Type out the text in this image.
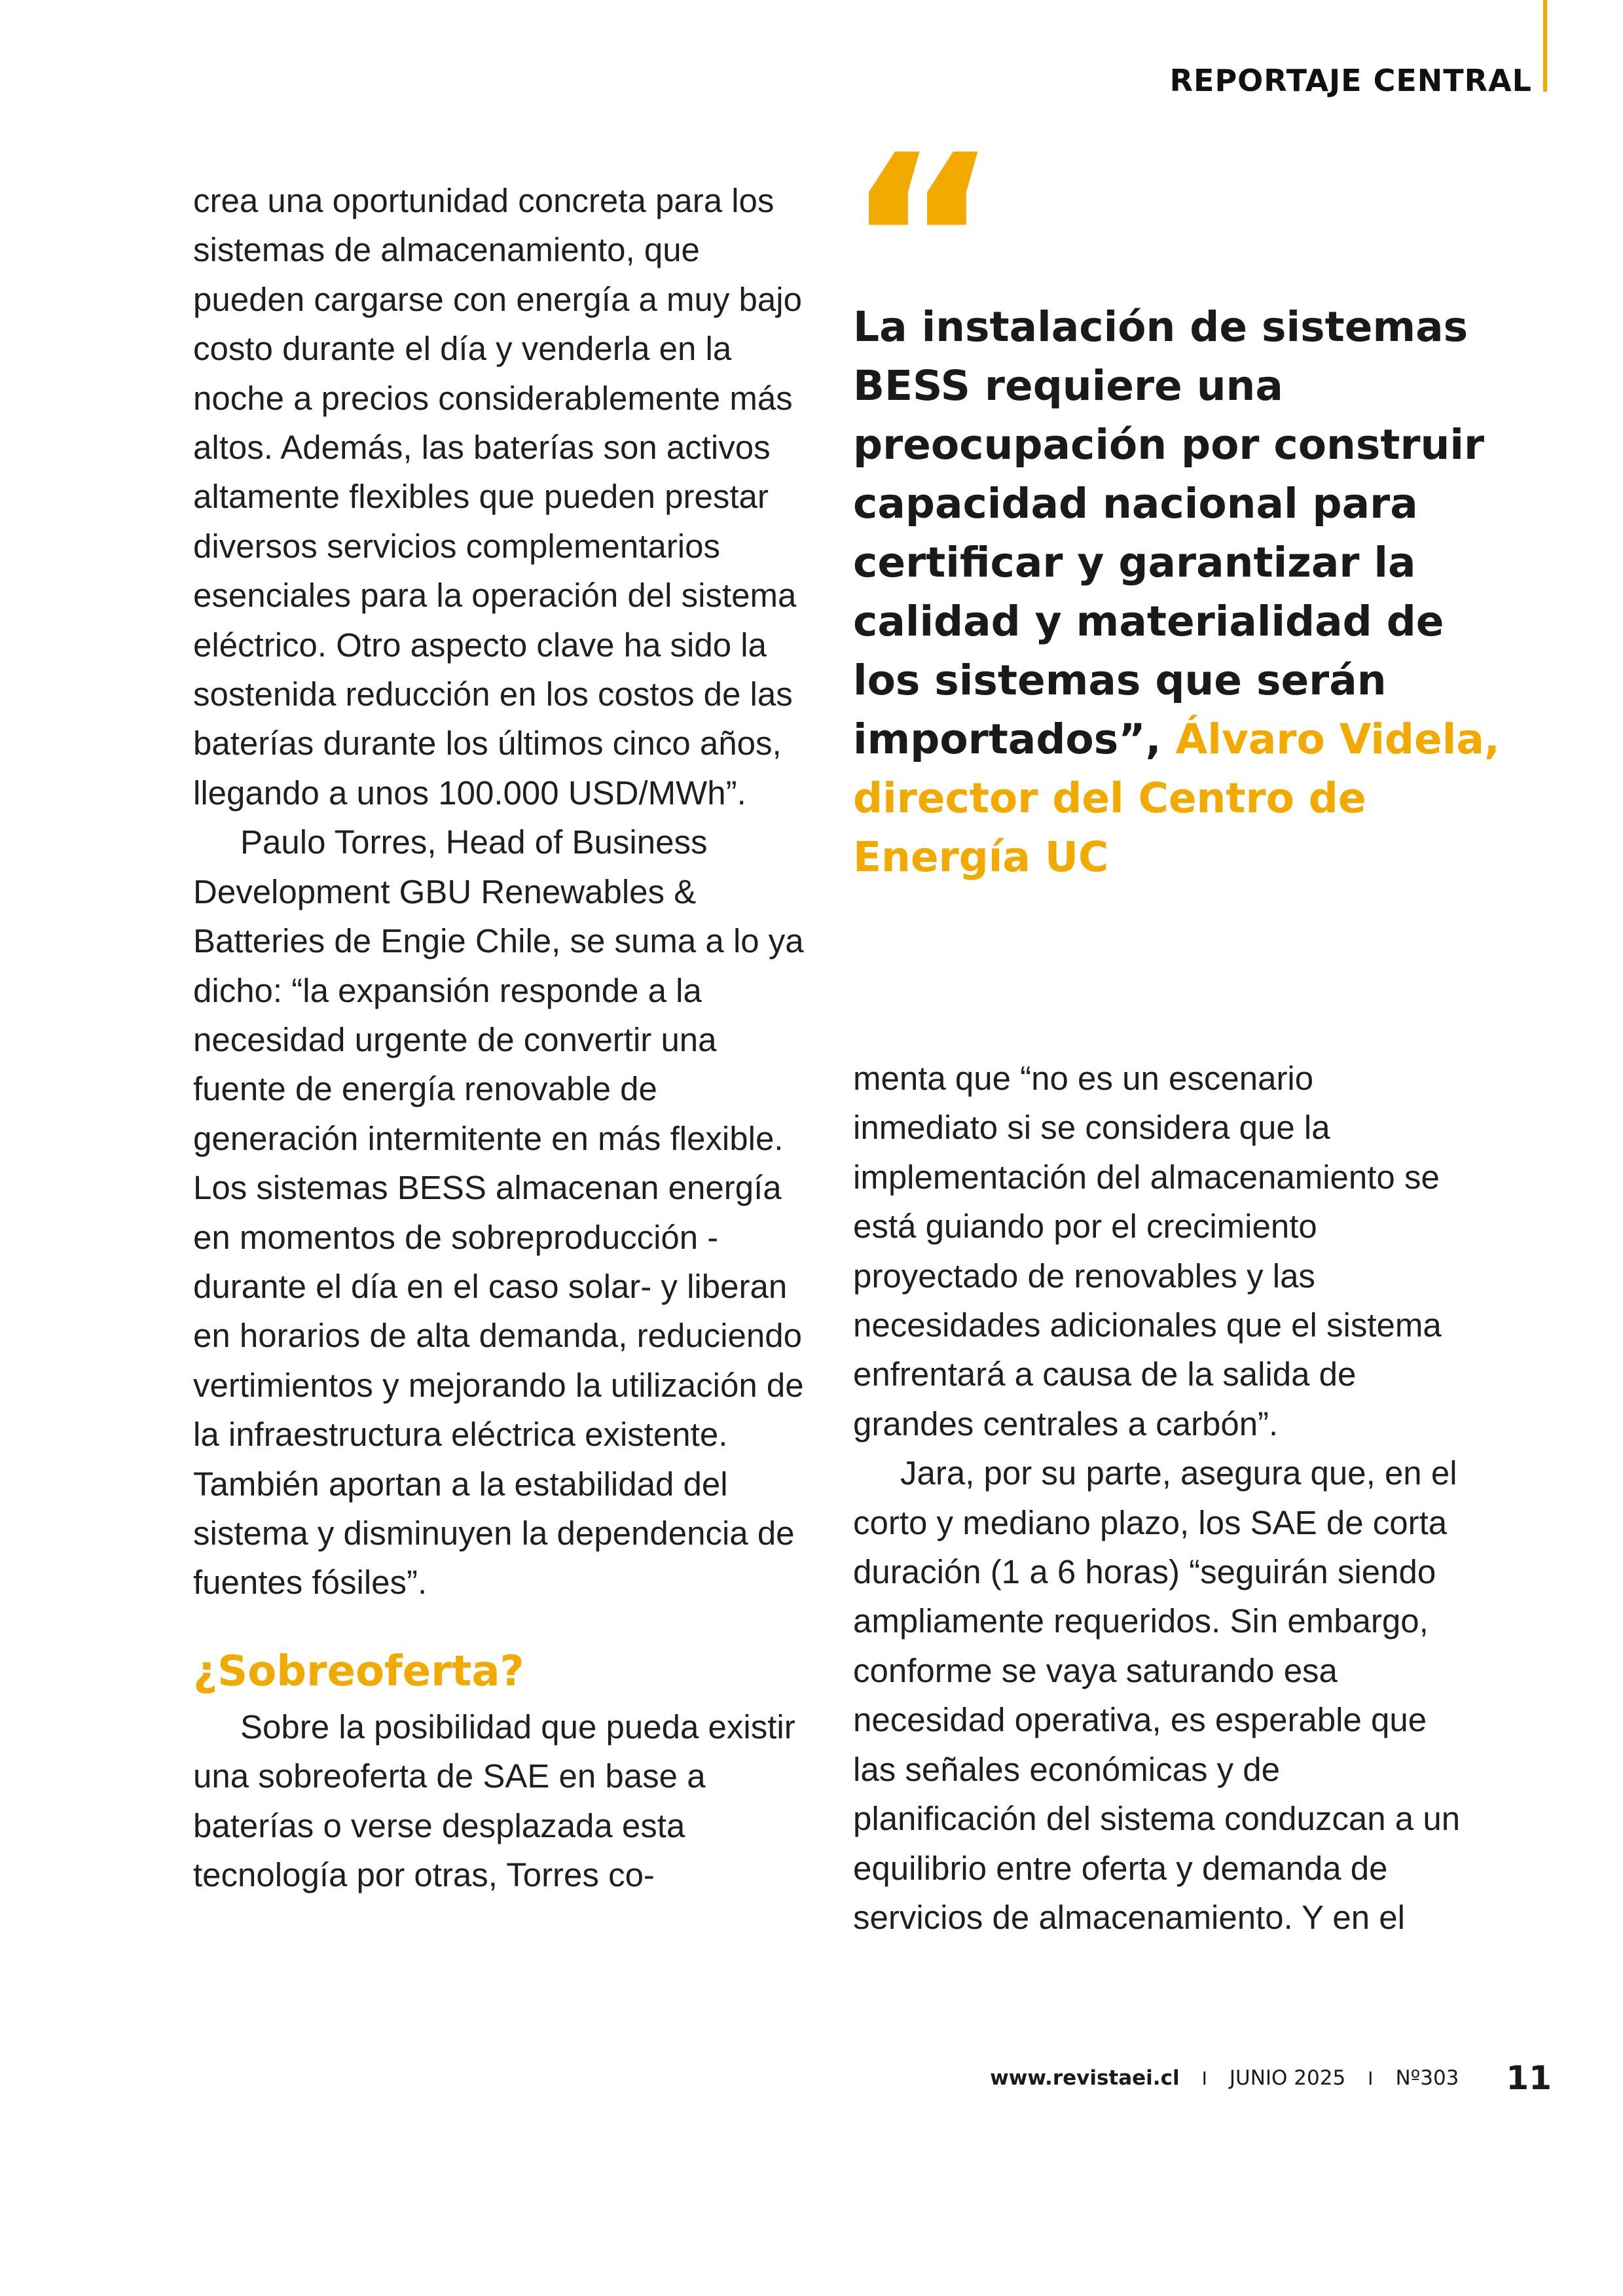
REPORTAJE CENTRAL

crea una oportunidad concreta para los sistemas de almacenamiento, que pueden cargarse con energía a muy bajo costo durante el día y venderla en la noche a precios considerablemente más altos. Además, las baterías son activos altamente flexibles que pueden prestar diversos servicios complementarios esenciales para la operación del sistema eléctrico. Otro aspecto clave ha sido la sostenida reducción en los costos de las baterías durante los últimos cinco años, llegando a unos 100.000 USD/MWh”.

Paulo Torres, Head of Business Development GBU Renewables & Batteries de Engie Chile, se suma a lo ya dicho: “la expansión responde a la necesidad urgente de convertir una fuente de energía renovable de generación intermitente en más flexible. Los sistemas BESS almacenan energía en momentos de sobreproducción -durante el día en el caso solar- y liberan en horarios de alta demanda, reduciendo vertimientos y mejorando la utilización de la infraestructura eléctrica existente. También aportan a la estabilidad del sistema y disminuyen la dependencia de fuentes fósiles”.

¿Sobreoferta?

Sobre la posibilidad que pueda existir una sobreoferta de SAE en base a baterías o verse desplazada esta tecnología por otras, Torres co-

“

La instalación de sistemas BESS requiere una preocupación por construir capacidad nacional para certificar y garantizar la calidad y materialidad de los sistemas que serán importados”, Álvaro Videla, director del Centro de Energía UC

menta que “no es un escenario inmediato si se considera que la implementación del almacenamiento se está guiando por el crecimiento proyectado de renovables y las necesidades adicionales que el sistema enfrentará a causa de la salida de grandes centrales a carbón”.

Jara, por su parte, asegura que, en el corto y mediano plazo, los SAE de corta duración (1 a 6 horas) “seguirán siendo ampliamente requeridos. Sin embargo, conforme se vaya saturando esa necesidad operativa, es esperable que las señales económicas y de planificación del sistema conduzcan a un equilibrio entre oferta y demanda de servicios de almacenamiento. Y en el

www.revistaei.cl I JUNIO 2025 I Nº303 11
